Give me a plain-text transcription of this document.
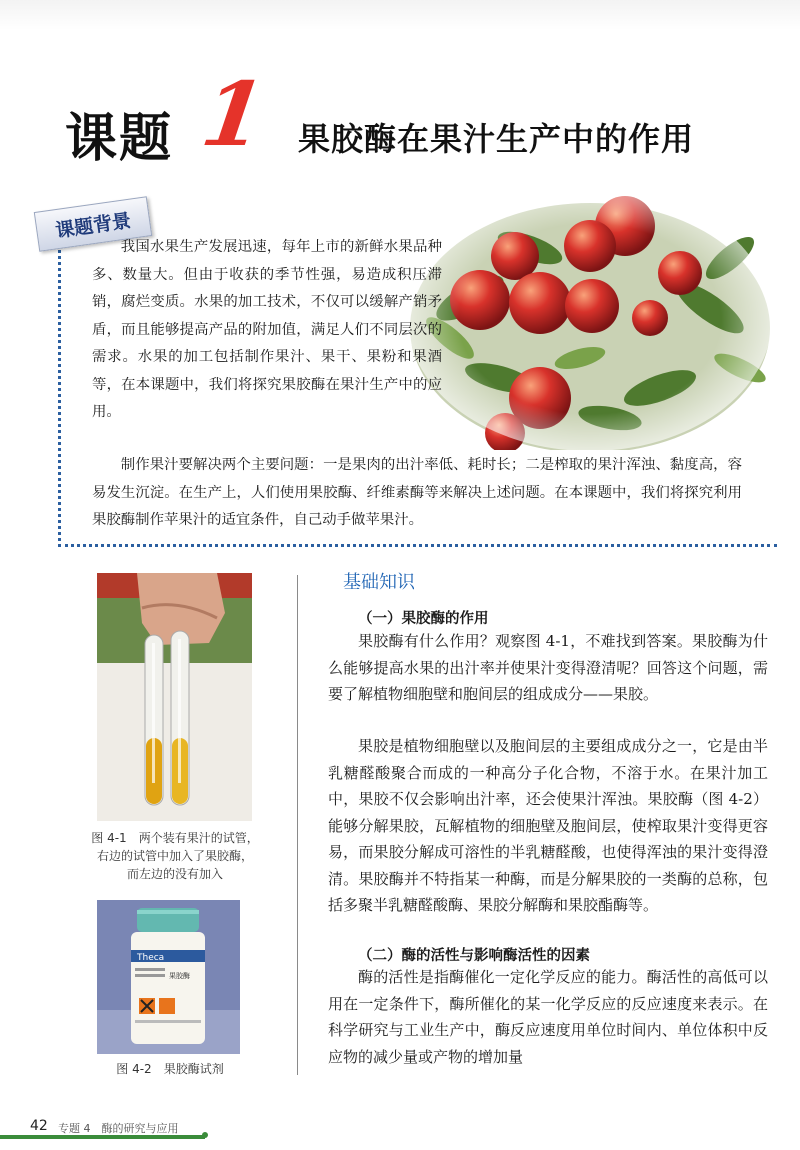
课题 1 果胶酶在果汁生产中的作用
课题背景

我国水果生产发展迅速，每年上市的新鲜水果品种多、数量大。但由于收获的季节性强，易造成积压滞销，腐烂变质。水果的加工技术，不仅可以缓解产销矛盾，而且能够提高产品的附加值，满足人们不同层次的需求。水果的加工包括制作果汁、果干、果粉和果酒等，在本课题中，我们将探究果胶酶在果汁生产中的应用。

制作果汁要解决两个主要问题：一是果肉的出汁率低、耗时长；二是榨取的果汁浑浊、黏度高，容易发生沉淀。在生产上，人们使用果胶酶、纤维素酶等来解决上述问题。在本课题中，我们将探究利用果胶酶制作苹果汁的适宜条件，自己动手做苹果汁。

图 4-1　两个装有果汁的试管，
右边的试管中加入了果胶酶，
而左边的没有加入
Theca
果胶酶
图 4-2　果胶酶试剂
基础知识
（一）果胶酶的作用

果胶酶有什么作用？观察图 4-1，不难找到答案。果胶酶为什么能够提高水果的出汁率并使果汁变得澄清呢？回答这个问题，需要了解植物细胞壁和胞间层的组成成分——果胶。

果胶是植物细胞壁以及胞间层的主要组成成分之一，它是由半乳糖醛酸聚合而成的一种高分子化合物，不溶于水。在果汁加工中，果胶不仅会影响出汁率，还会使果汁浑浊。果胶酶（图 4-2）能够分解果胶，瓦解植物的细胞壁及胞间层，使榨取果汁变得更容易，而果胶分解成可溶性的半乳糖醛酸，也使得浑浊的果汁变得澄清。果胶酶并不特指某一种酶，而是分解果胶的一类酶的总称，包括多聚半乳糖醛酸酶、果胶分解酶和果胶酯酶等。

（二）酶的活性与影响酶活性的因素

酶的活性是指酶催化一定化学反应的能力。酶活性的高低可以用在一定条件下，酶所催化的某一化学反应的反应速度来表示。在科学研究与工业生产中，酶反应速度用单位时间内、单位体积中反应物的减少量或产物的增加量

42 专题 4　酶的研究与应用
